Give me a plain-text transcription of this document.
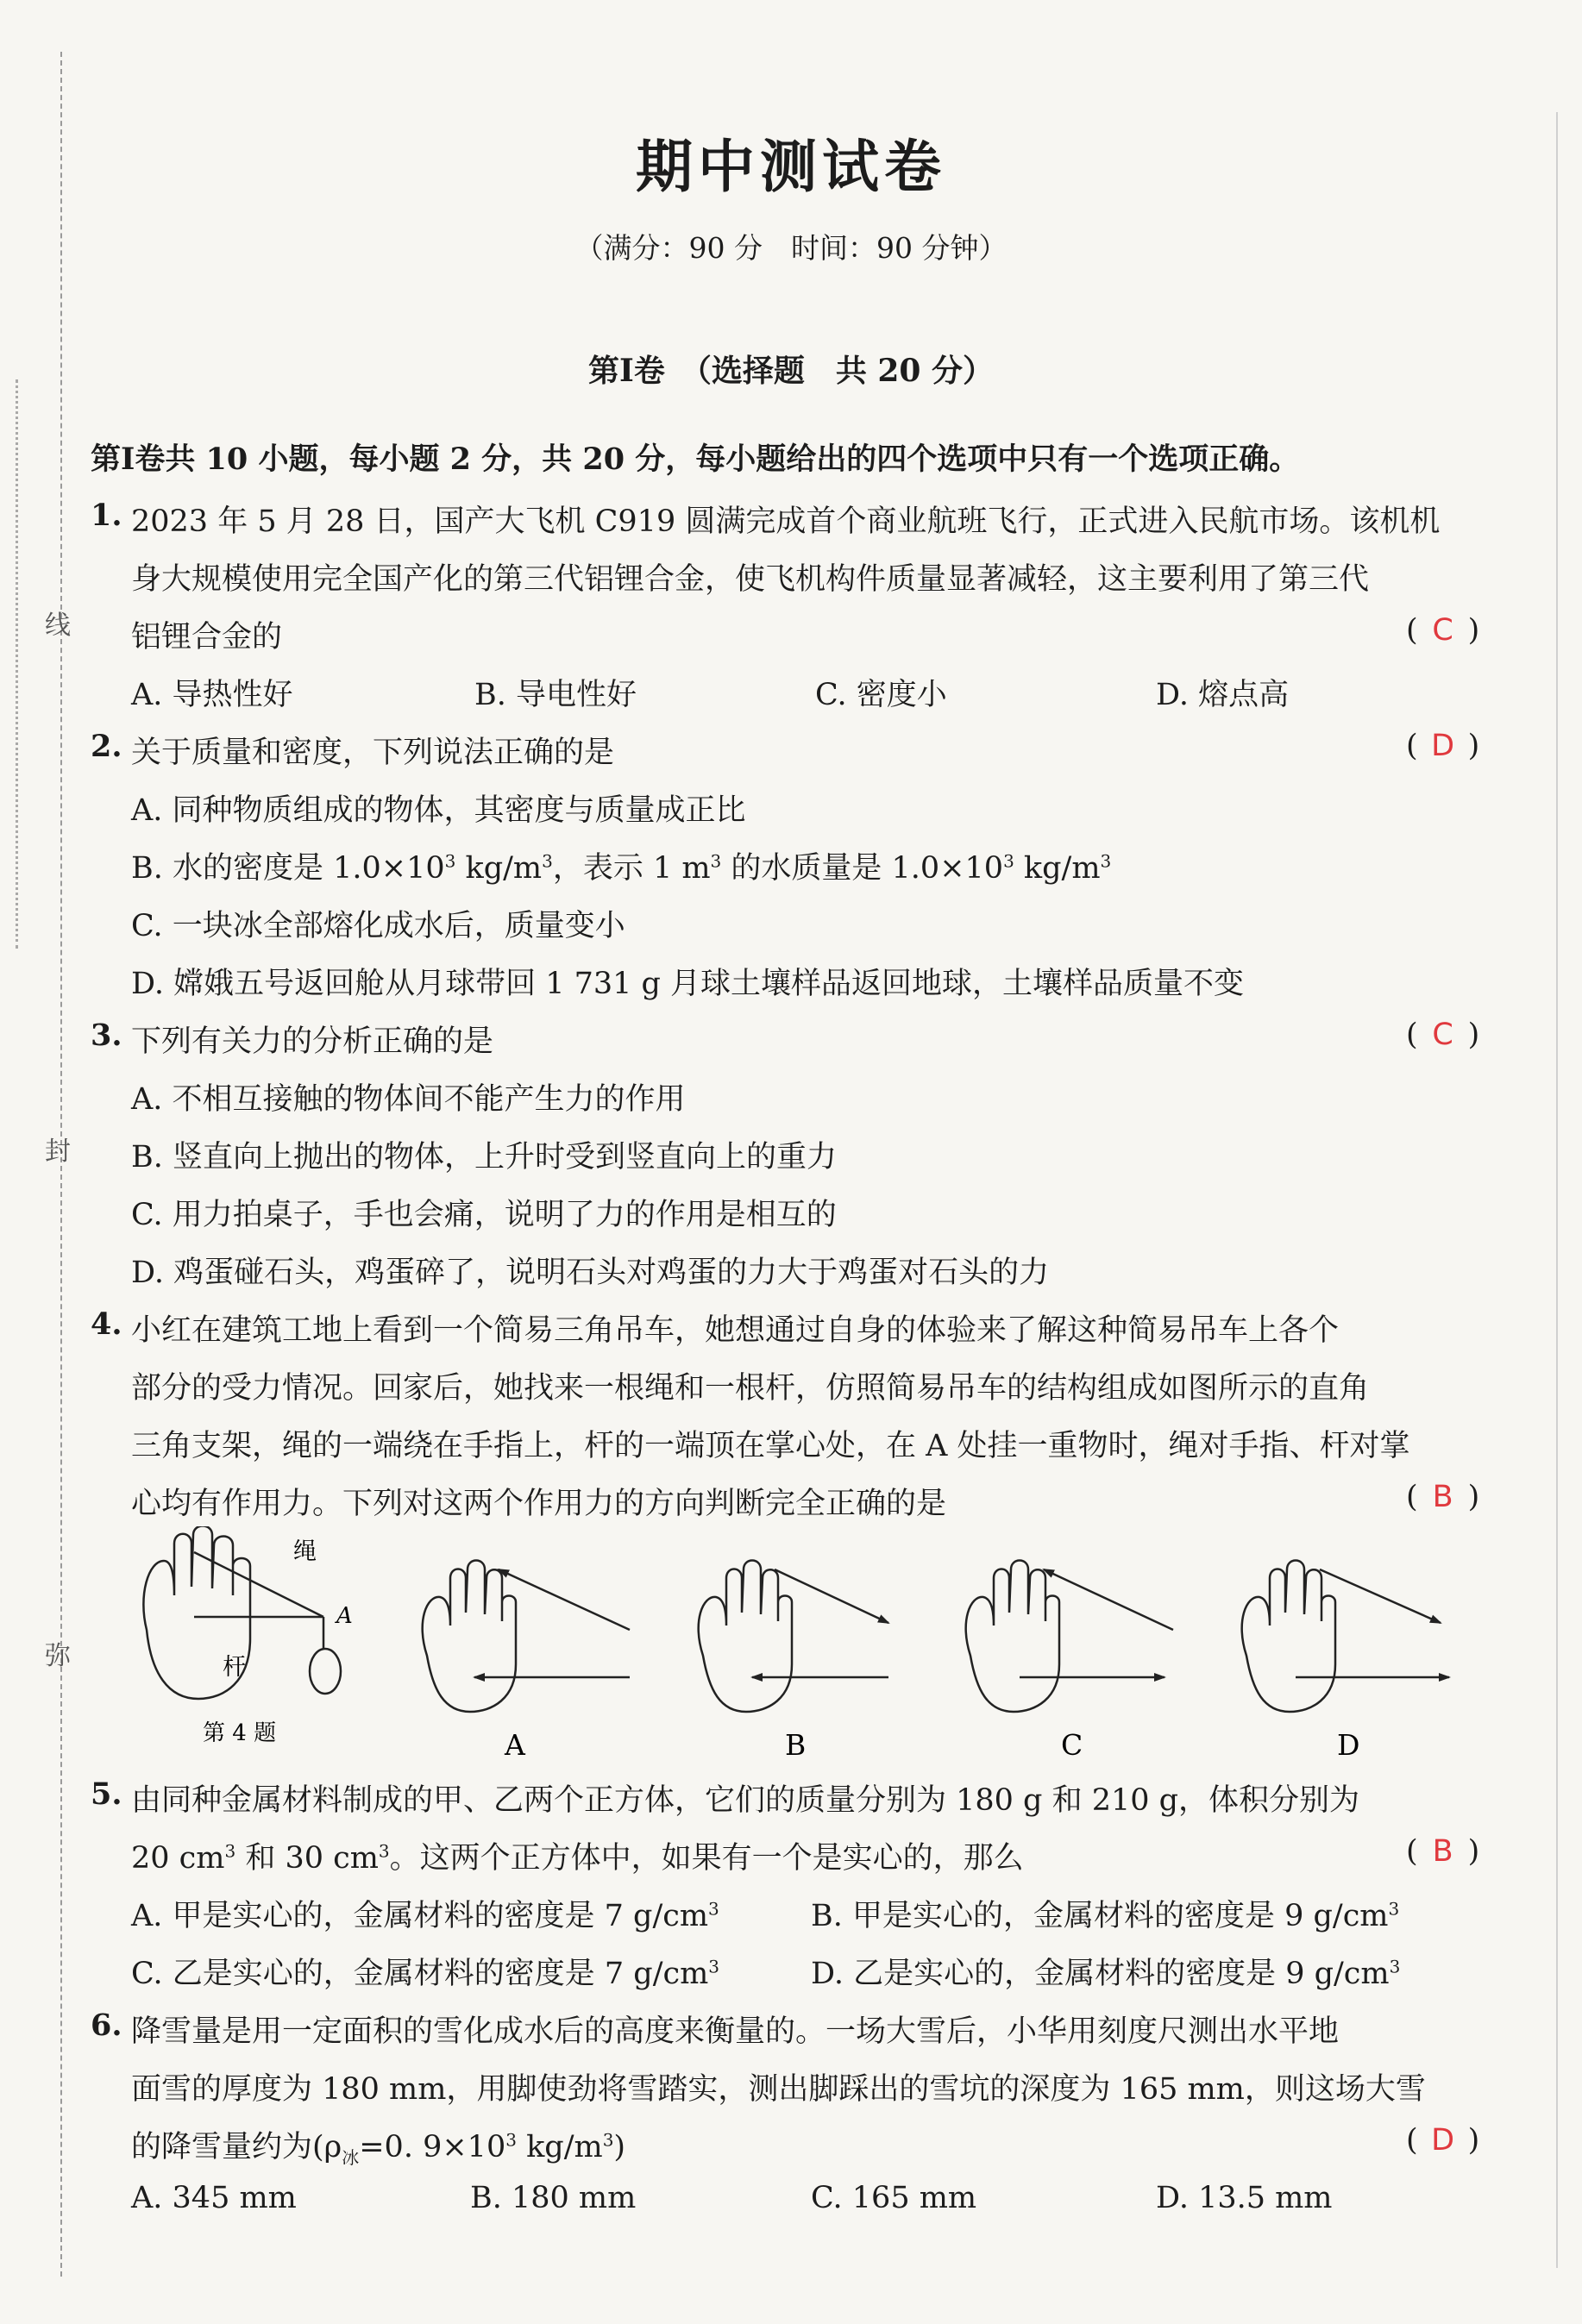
线
封
弥
期中测试卷
（满分：90 分　时间：90 分钟）
第Ⅰ卷　（选择题　共 20 分）
第Ⅰ卷共 10 小题，每小题 2 分，共 20 分，每小题给出的四个选项中只有一个选项正确。
1. 2023 年 5 月 28 日，国产大飞机 C919 圆满完成首个商业航班飞行，正式进入民航市场。该机机
身大规模使用完全国产化的第三代铝锂合金，使飞机构件质量显著减轻，这主要利用了第三代
铝锂合金的	( C )
A. 导热性好	B. 导电性好	C. 密度小	D. 熔点高
2. 关于质量和密度，下列说法正确的是	( D )
A. 同种物质组成的物体，其密度与质量成正比
B. 水的密度是 $1.0\times 10^3$ $kg/m^3$，表示 1 $m^3$ 的水质量是 $1.0\times 10^3$ $kg/m^3$
C. 一块冰全部熔化成水后，质量变小
D. 嫦娥五号返回舱从月球带回 1 731 g 月球土壤样品返回地球，土壤样品质量不变
3. 下列有关力的分析正确的是	( C )
A. 不相互接触的物体间不能产生力的作用
B. 竖直向上抛出的物体，上升时受到竖直向上的重力
C. 用力拍桌子，手也会痛，说明了力的作用是相互的
D. 鸡蛋碰石头，鸡蛋碎了，说明石头对鸡蛋的力大于鸡蛋对石头的力
4. 小红在建筑工地上看到一个简易三角吊车，她想通过自身的体验来了解这种简易吊车上各个
部分的受力情况。回家后，她找来一根绳和一根杆，仿照简易吊车的结构组成如图所示的直角
三角支架，绳的一端绕在手指上，杆的一端顶在掌心处，在 A 处挂一重物时，绳对手指、杆对掌
心均有作用力。下列对这两个作用力的方向判断完全正确的是	( B )
绳
杆
A
第 4 题	A	B	C	D
5. 由同种金属材料制成的甲、乙两个正方体，它们的质量分别为 180 g 和 210 g，体积分别为
20 $cm^3$ 和 30 $cm^3$。这两个正方体中，如果有一个是实心的，那么	( B )
A. 甲是实心的，金属材料的密度是 7 $g/cm^3$	B. 甲是实心的，金属材料的密度是 9 $g/cm^3$
C. 乙是实心的，金属材料的密度是 7 $g/cm^3$	D. 乙是实心的，金属材料的密度是 9 $g/cm^3$
6. 降雪量是用一定面积的雪化成水后的高度来衡量的。一场大雪后，小华用刻度尺测出水平地
面雪的厚度为 180 mm，用脚使劲将雪踏实，测出脚踩出的雪坑的深度为 165 mm，则这场大雪
的降雪量约为($\rho_冰=0$. $9\times 10^3$ $kg/m^3$)	( D )
A. 345 mm	B. 180 mm	C. 165 mm	D. 13.5 mm
